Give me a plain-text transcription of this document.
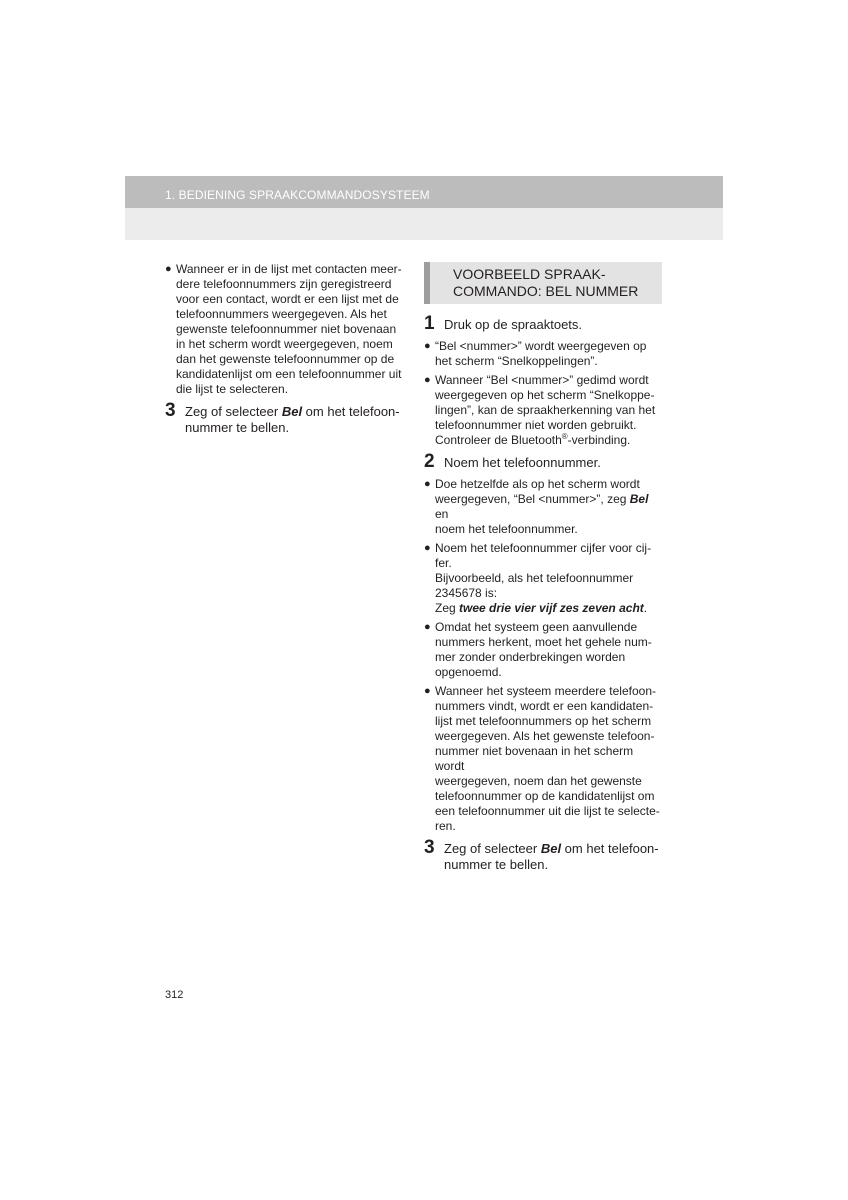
1. BEDIENING SPRAAKCOMMANDOSYSTEEM
● Wanneer er in de lijst met contacten meer-
dere telefoonnummers zijn geregistreerd
voor een contact, wordt er een lijst met de
telefoonnummers weergegeven. Als het
gewenste telefoonnummer niet bovenaan
in het scherm wordt weergegeven, noem
dan het gewenste telefoonnummer op de
kandidatenlijst om een telefoonnummer uit
die lijst te selecteren.
3 Zeg of selecteer Bel om het telefoon-
nummer te bellen.
VOORBEELD SPRAAK-
COMMANDO: BEL NUMMER
1 Druk op de spraaktoets.
● “Bel <nummer>” wordt weergegeven op
het scherm “Snelkoppelingen”.
● Wanneer “Bel <nummer>” gedimd wordt
weergegeven op het scherm “Snelkoppe-
lingen”, kan de spraakherkenning van het
telefoonnummer niet worden gebruikt.
Controleer de Bluetooth®-verbinding.
2 Noem het telefoonnummer.
● Doe hetzelfde als op het scherm wordt
weergegeven, “Bel <nummer>”, zeg Bel en
noem het telefoonnummer.
● Noem het telefoonnummer cijfer voor cij-
fer.
Bijvoorbeeld, als het telefoonnummer
2345678 is:
Zeg twee drie vier vijf zes zeven acht.
● Omdat het systeem geen aanvullende
nummers herkent, moet het gehele num-
mer zonder onderbrekingen worden
opgenoemd.
● Wanneer het systeem meerdere telefoon-
nummers vindt, wordt er een kandidaten-
lijst met telefoonnummers op het scherm
weergegeven. Als het gewenste telefoon-
nummer niet bovenaan in het scherm wordt
weergegeven, noem dan het gewenste
telefoonnummer op de kandidatenlijst om
een telefoonnummer uit die lijst te selecte-
ren.
3 Zeg of selecteer Bel om het telefoon-
nummer te bellen.
312
